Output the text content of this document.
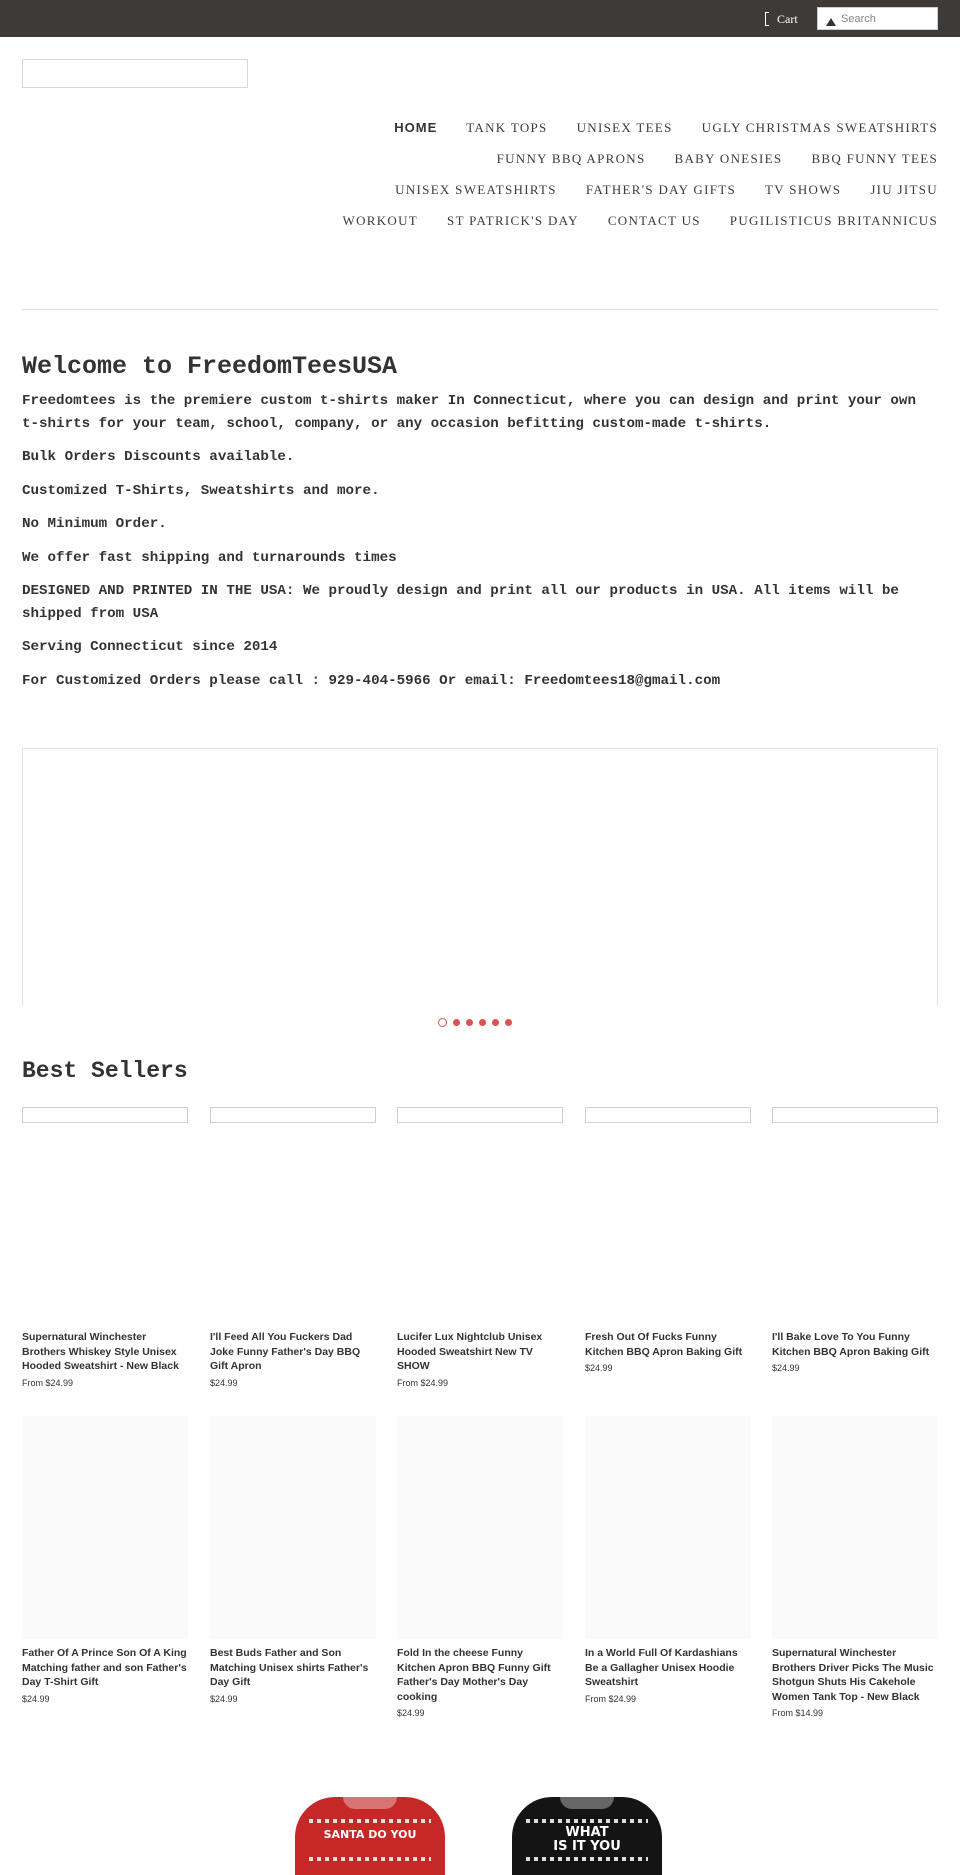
Cart
Search
HOME TANK TOPS UNISEX TEES UGLY CHRISTMAS SWEATSHIRTS
FUNNY BBQ APRONS BABY ONESIES BBQ FUNNY TEES
UNISEX SWEATSHIRTS FATHER'S DAY GIFTS TV SHOWS JIU JITSU
WORKOUT ST PATRICK'S DAY CONTACT US PUGILISTICUS BRITANNICUS
Welcome to FreedomTeesUSA

Freedomtees is the premiere custom t-shirts maker In Connecticut, where you can design and print your own t-shirts for your team, school, company, or any occasion befitting custom-made t-shirts.

Bulk Orders Discounts available.

Customized T-Shirts, Sweatshirts and more.

No Minimum Order.

We offer fast shipping and turnarounds times

DESIGNED AND PRINTED IN THE USA: We proudly design and print all our products in USA. All items will be shipped from USA

Serving Connecticut since 2014

For Customized Orders please call : 929-404-5966 Or email: Freedomtees18@gmail.com

Best Sellers
Supernatural Winchester Brothers Whiskey Style Unisex Hooded Sweatshirt - New Black
From $24.99
I'll Feed All You Fuckers Dad Joke Funny Father's Day BBQ Gift Apron
$24.99
Lucifer Lux Nightclub Unisex Hooded Sweatshirt New TV SHOW
From $24.99
Fresh Out Of Fucks Funny Kitchen BBQ Apron Baking Gift
$24.99
I'll Bake Love To You Funny Kitchen BBQ Apron Baking Gift
$24.99
Father Of A Prince Son Of A King Matching father and son Father's Day T-Shirt Gift
$24.99
Best Buds Father and Son Matching Unisex shirts Father's Day Gift
$24.99
Fold In the cheese Funny Kitchen Apron BBQ Funny Gift Father's Day Mother's Day cooking
$24.99
In a World Full Of Kardashians Be a Gallagher Unisex Hoodie Sweatshirt
From $24.99
Supernatural Winchester Brothers Driver Picks The Music Shotgun Shuts His Cakehole Women Tank Top - New Black
From $14.99
SANTA DO YOU	WHAT
IS IT YOU
